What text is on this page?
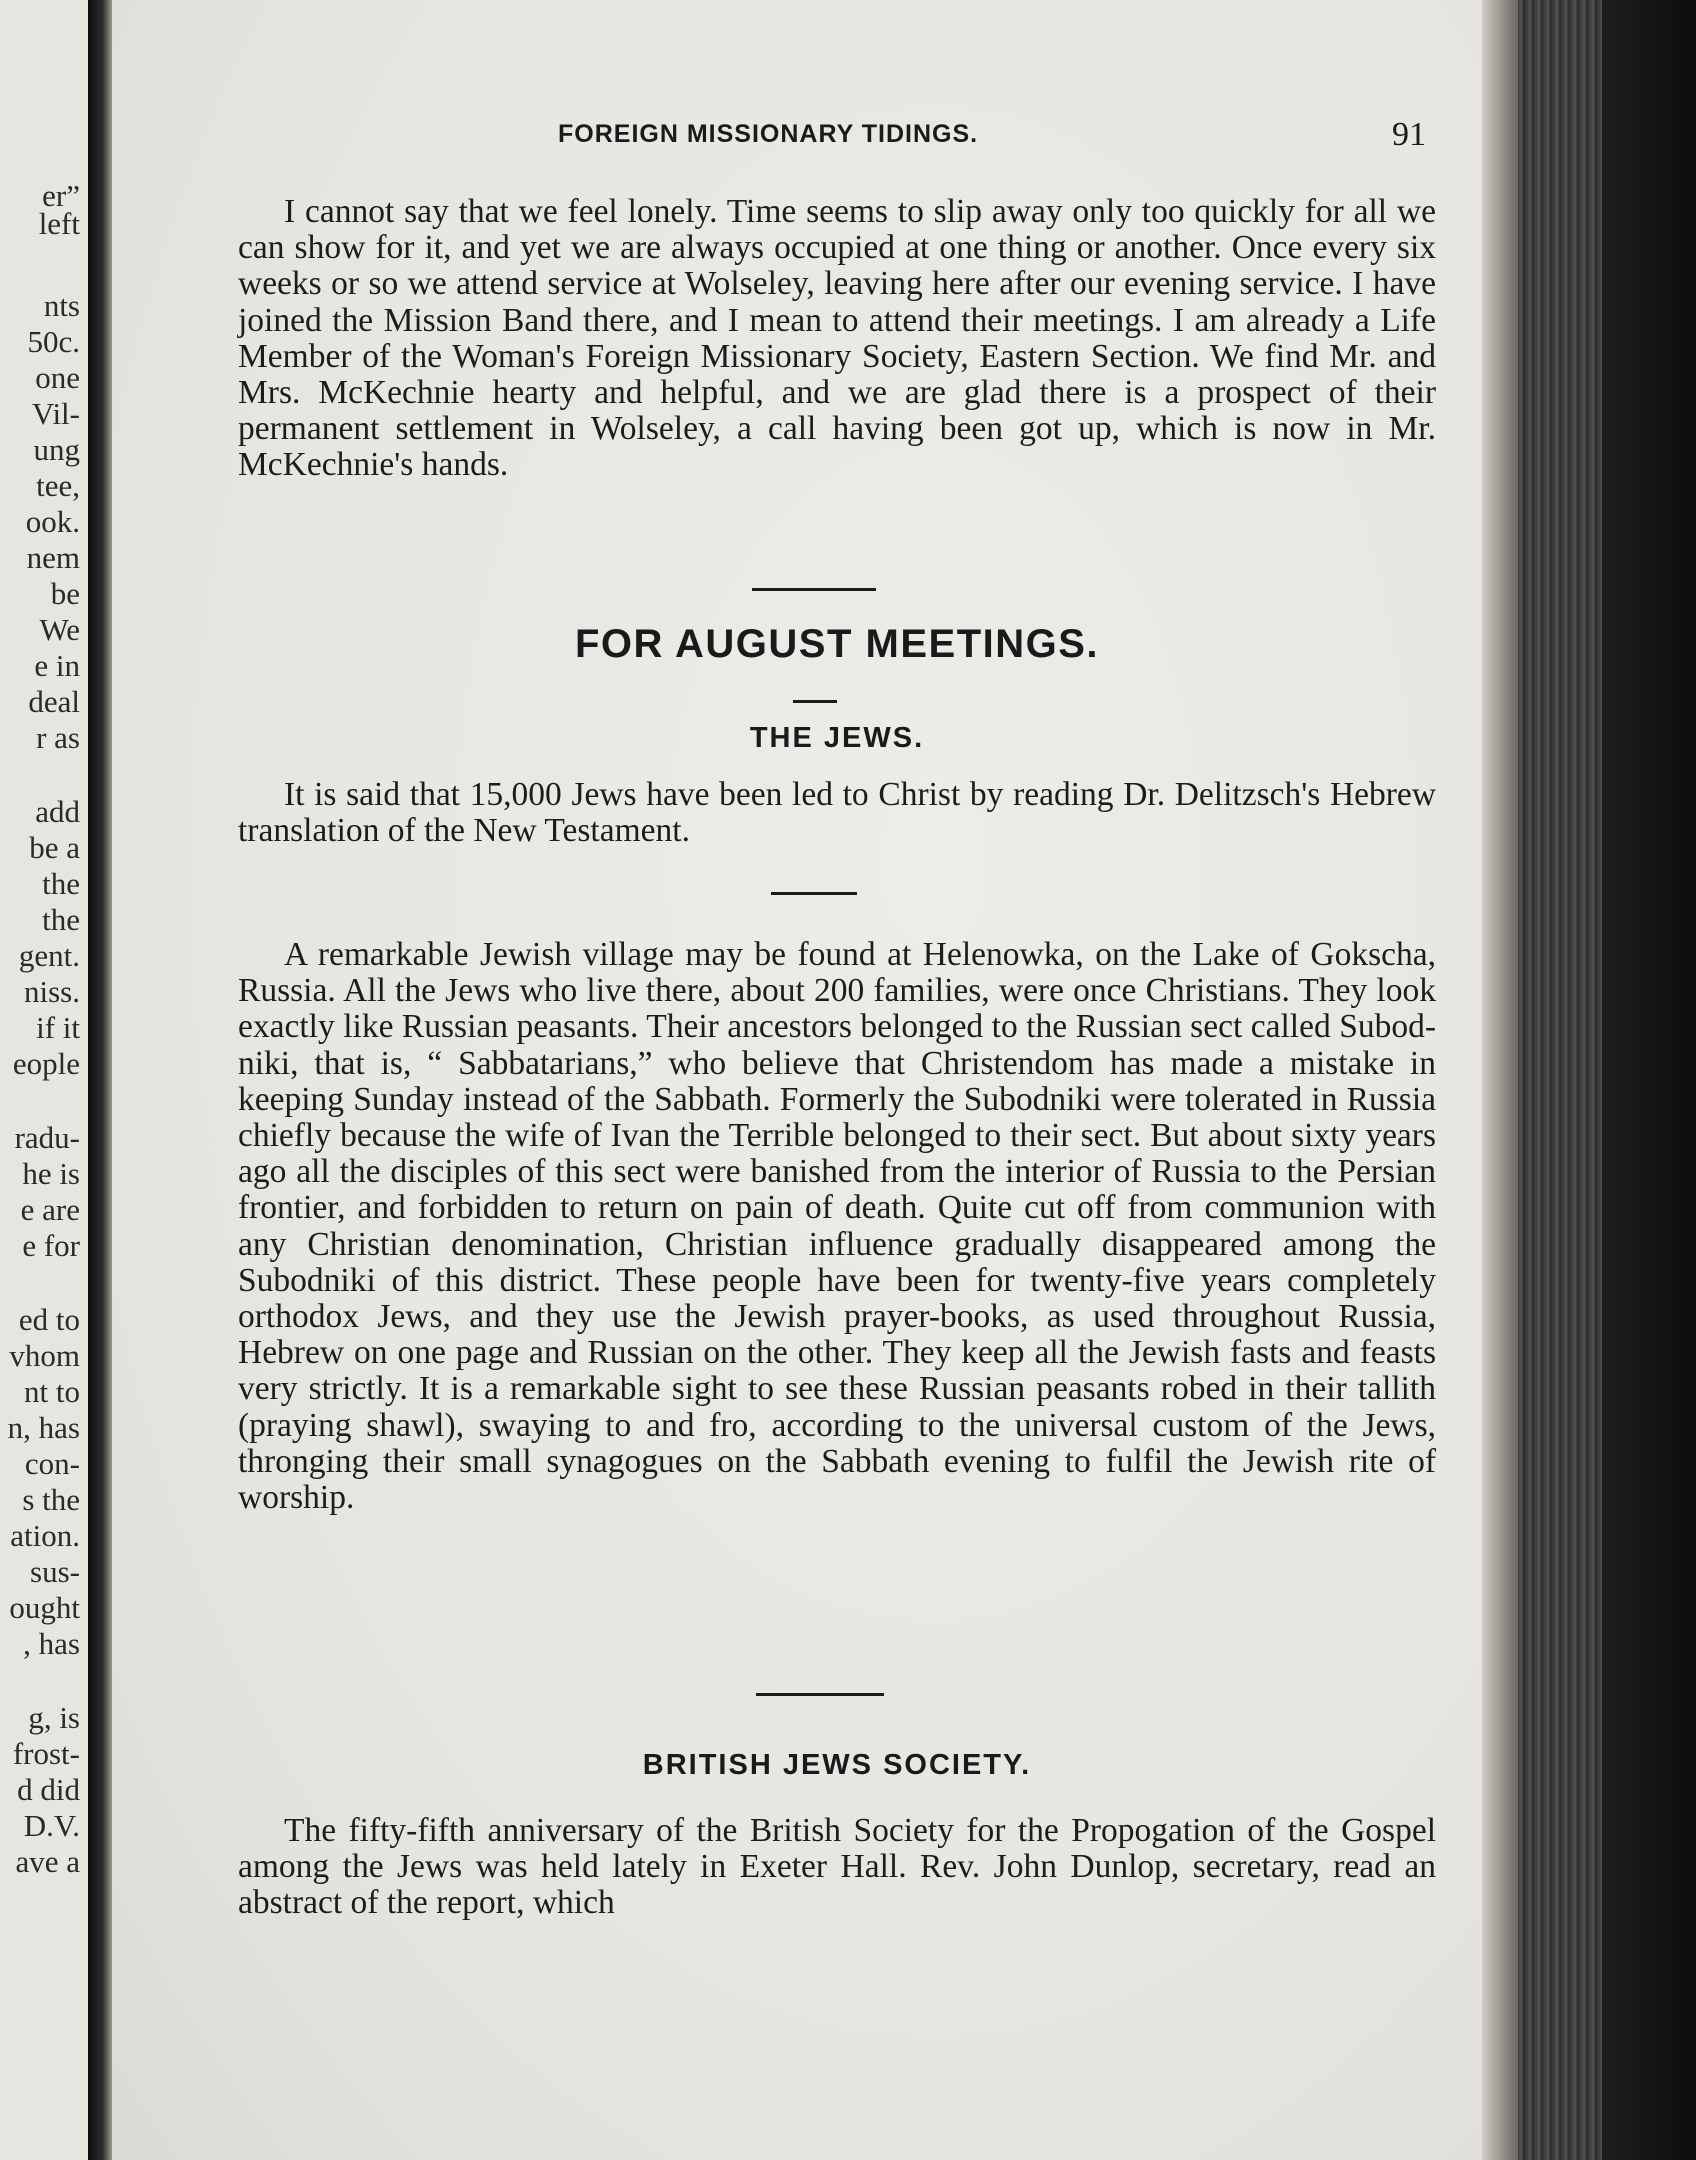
er”
left
nts
50c.
one
Vil-
ung
tee,
ook.
nem
be
We
e in
deal
r as
add
be a
the
the
gent.
niss.
if it
eople
radu-
he is
e are
e for
ed to
vhom
nt to
n, has
con-
s the
ation.
sus-
ought
, has
g, is
frost-
d did
D.V.
ave a
FOREIGN MISSIONARY TIDINGS.	91

I cannot say that we feel lonely. Time seems to slip away only too quickly for all we can show for it, and yet we are always occupied at one thing or another. Once every six weeks or so we attend service at Wolseley, leaving here after our evening service. I have joined the Mission Band there, and I mean to attend their meetings. I am already a Life Member of the Woman's Foreign Missionary Society, Eastern Section. We find Mr. and Mrs. McKechnie hearty and helpful, and we are glad there is a prospect of their permanent settlement in Wolseley, a call having been got up, which is now in Mr. McKechnie's hands.

FOR AUGUST MEETINGS.
THE JEWS.

It is said that 15,000 Jews have been led to Christ by reading Dr. Delitzsch's Hebrew translation of the New Testament.

A remarkable Jewish village may be found at Helenowka, on the Lake of Gokscha, Russia. All the Jews who live there, about 200 families, were once Christians. They look exactly like Russian peasants. Their ancestors belonged to the Russian sect called Subodniki, that is, “ Sabbatarians,” who believe that Christendom has made a mistake in keeping Sunday instead of the Sabbath. Formerly the Subodniki were tolerated in Russia chiefly because the wife of Ivan the Terrible belonged to their sect. But about sixty years ago all the disciples of this sect were banished from the interior of Russia to the Persian frontier, and forbidden to return on pain of death. Quite cut off from communion with any Christian denomination, Christian influence gradually disappeared among the Subodniki of this district. These people have been for twenty-five years completely orthodox Jews, and they use the Jewish prayer-books, as used throughout Russia, Hebrew on one page and Russian on the other. They keep all the Jewish fasts and feasts very strictly. It is a remarkable sight to see these Russian peasants robed in their tallith (praying shawl), swaying to and fro, according to the universal custom of the Jews, thronging their small synagogues on the Sabbath evening to fulfil the Jewish rite of worship.

BRITISH JEWS SOCIETY.

The fifty-fifth anniversary of the British Society for the Propogation of the Gospel among the Jews was held lately in Exeter Hall. Rev. John Dunlop, secretary, read an abstract of the report, which
